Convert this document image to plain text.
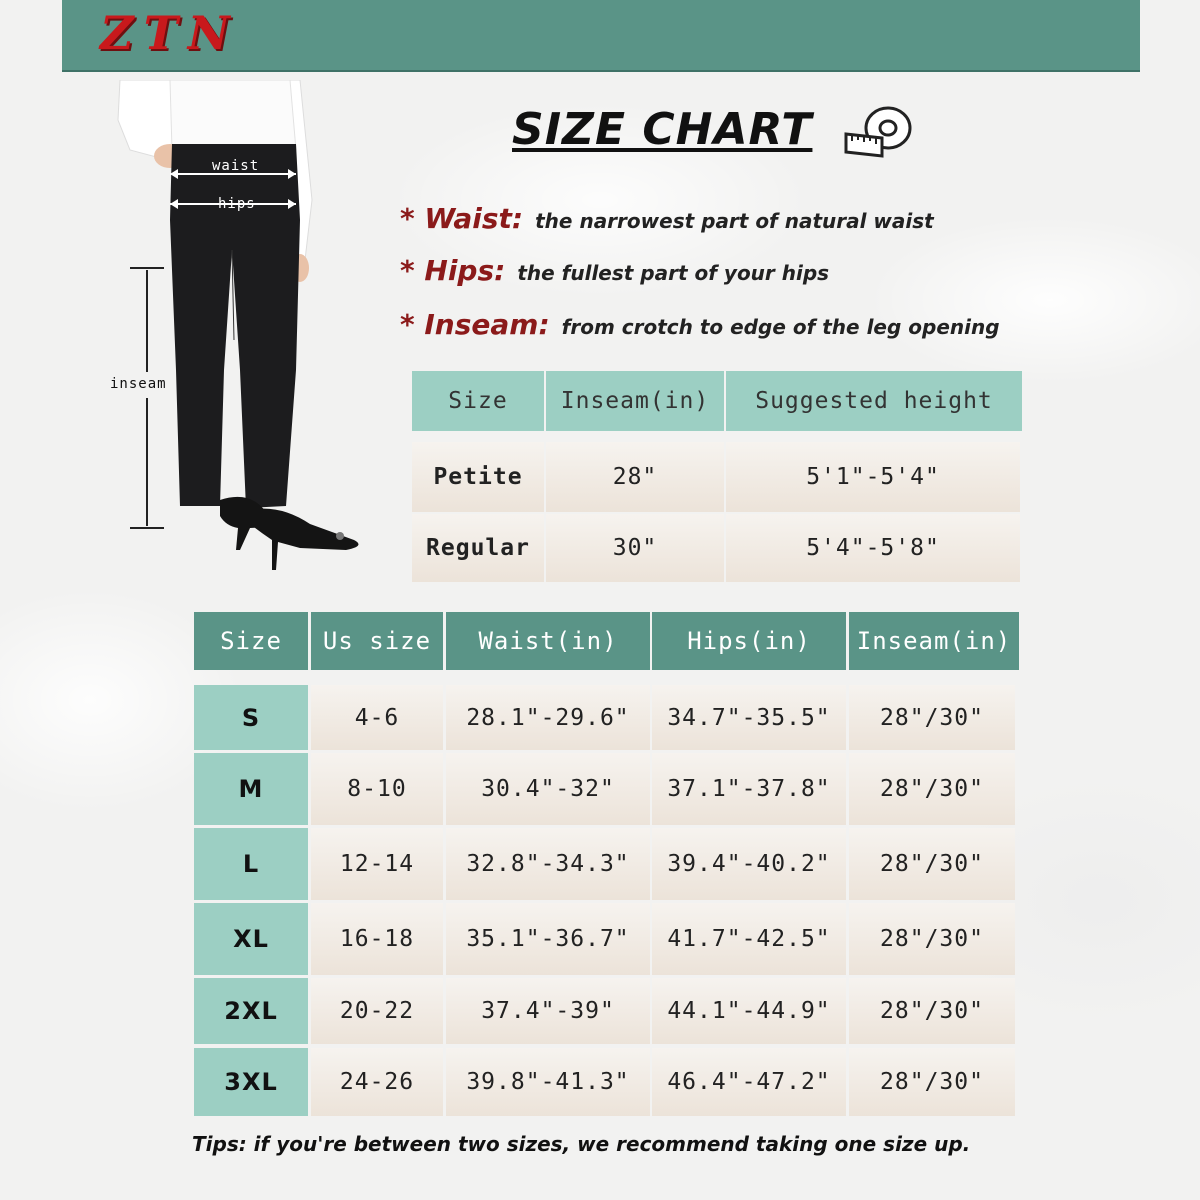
ZTN
waist
hips
inseam
SIZE CHART
* Waist: the narrowest part of natural waist
* Hips: the fullest part of your hips
* Inseam: from crotch to edge of the leg opening
Size	Inseam(in)	Suggested height
Petite	28"	5'1"-5'4"
Regular	30"	5'4"-5'8"
Size	Us size	Waist(in)	Hips(in)	Inseam(in)
S	4-6	28.1"-29.6"	34.7"-35.5"	28"/30"
M	8-10	30.4"-32"	37.1"-37.8"	28"/30"
L	12-14	32.8"-34.3"	39.4"-40.2"	28"/30"
XL	16-18	35.1"-36.7"	41.7"-42.5"	28"/30"
2XL	20-22	37.4"-39"	44.1"-44.9"	28"/30"
3XL	24-26	39.8"-41.3"	46.4"-47.2"	28"/30"
Tips: if you're between two sizes, we recommend taking one size up.
